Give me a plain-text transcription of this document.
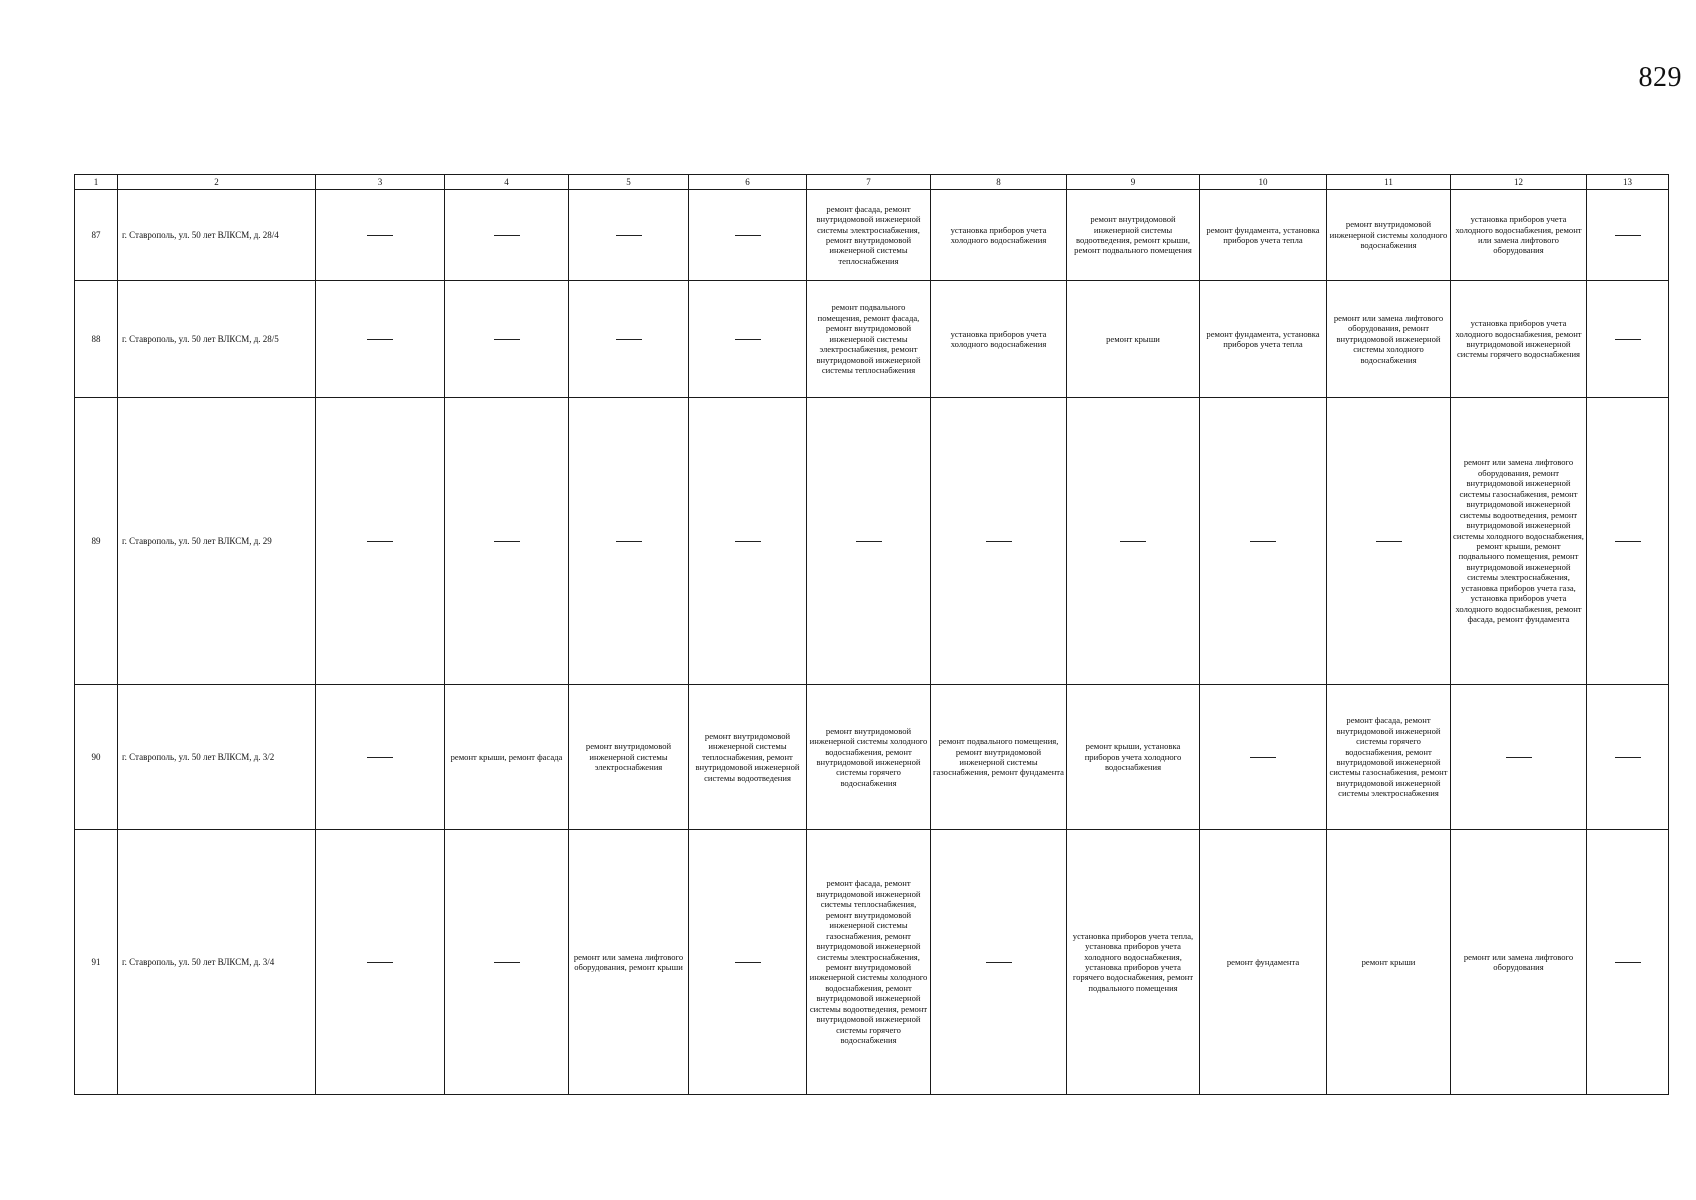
829
1	2	3	4	5	6	7	8	9	10	11	12	13
87	г. Ставрополь, ул. 50 лет ВЛКСМ, д. 28/4					ремонт фасада, ремонт внутридомовой инженерной системы электроснабжения, ремонт внутридомовой инженерной системы теплоснабжения	установка приборов учета холодного водоснабжения	ремонт внутридомовой инженерной системы водоотведения, ремонт крыши, ремонт подвального помещения	ремонт фундамента, установка приборов учета тепла	ремонт внутридомовой инженерной системы холодного водоснабжения	установка приборов учета холодного водоснабжения, ремонт или замена лифтового оборудования	
88	г. Ставрополь, ул. 50 лет ВЛКСМ, д. 28/5					ремонт подвального помещения, ремонт фасада, ремонт внутридомовой инженерной системы электроснабжения, ремонт внутридомовой инженерной системы теплоснабжения	установка приборов учета холодного водоснабжения	ремонт крыши	ремонт фундамента, установка приборов учета тепла	ремонт или замена лифтового оборудования, ремонт внутридомовой инженерной системы холодного водоснабжения	установка приборов учета холодного водоснабжения, ремонт внутридомовой инженерной системы горячего водоснабжения	
89	г. Ставрополь, ул. 50 лет ВЛКСМ, д. 29										ремонт или замена лифтового оборудования, ремонт внутридомовой инженерной системы газоснабжения, ремонт внутридомовой инженерной системы водоотведения, ремонт внутридомовой инженерной системы холодного водоснабжения, ремонт крыши, ремонт подвального помещения, ремонт внутридомовой инженерной системы электроснабжения, установка приборов учета газа, установка приборов учета холодного водоснабжения, ремонт фасада, ремонт фундамента	
90	г. Ставрополь, ул. 50 лет ВЛКСМ, д. 3/2		ремонт крыши, ремонт фасада	ремонт внутридомовой инженерной системы электроснабжения	ремонт внутридомовой инженерной системы теплоснабжения, ремонт внутридомовой инженерной системы водоотведения	ремонт внутридомовой инженерной системы холодного водоснабжения, ремонт внутридомовой инженерной системы горячего водоснабжения	ремонт подвального помещения, ремонт внутридомовой инженерной системы газоснабжения, ремонт фундамента	ремонт крыши, установка приборов учета холодного водоснабжения		ремонт фасада, ремонт внутридомовой инженерной системы горячего водоснабжения, ремонт внутридомовой инженерной системы газоснабжения, ремонт внутридомовой инженерной системы электроснабжения		
91	г. Ставрополь, ул. 50 лет ВЛКСМ, д. 3/4			ремонт или замена лифтового оборудования, ремонт крыши		ремонт фасада, ремонт внутридомовой инженерной системы теплоснабжения, ремонт внутридомовой инженерной системы газоснабжения, ремонт внутридомовой инженерной системы электроснабжения, ремонт внутридомовой инженерной системы холодного водоснабжения, ремонт внутридомовой инженерной системы водоотведения, ремонт внутридомовой инженерной системы горячего водоснабжения		установка приборов учета тепла, установка приборов учета холодного водоснабжения, установка приборов учета горячего водоснабжения, ремонт подвального помещения	ремонт фундамента	ремонт крыши	ремонт или замена лифтового оборудования	
